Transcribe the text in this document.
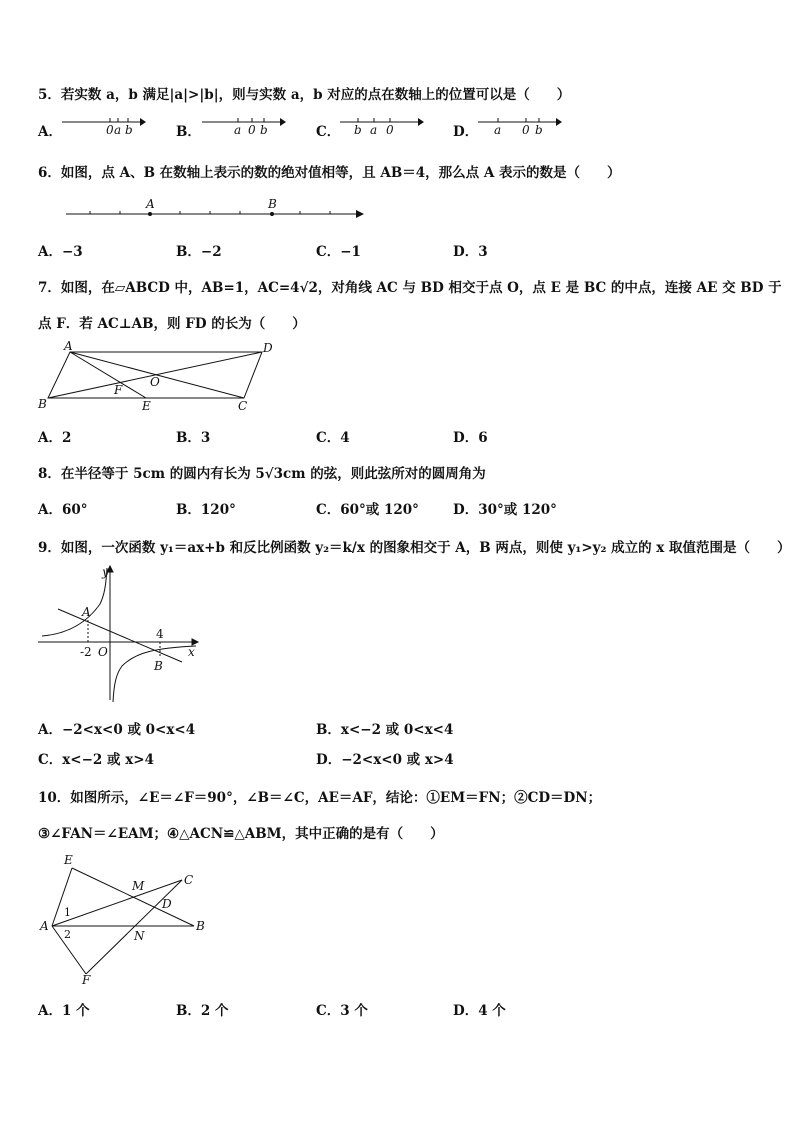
5．若实数 a，b 满足|a|>|b|，则与实数 a，b 对应的点在数轴上的位置可以是（　　）
A．	0 a b	B．	a 0 b	C． b a 0	D． a 0 b
6．如图，点 A、B 在数轴上表示的数的绝对值相等，且 AB＝4，那么点 A 表示的数是（　　）
A	B
A．−3	B．−2	C．−1	D．3
7．如图，在▱ABCD 中，AB=1，AC=4√2，对角线 AC 与 BD 相交于点 O，点 E 是 BC 的中点，连接 AE 交 BD 于
点 F．若 AC⊥AB，则 FD 的长为（　　）
A	D
O
F
B	E	C
A．2	B．3	C．4	D．6
8．在半径等于 5cm 的圆内有长为 5√3cm 的弦，则此弦所对的圆周角为
A．60°	B．120°	C．60°或 120°	D．30°或 120°
9．如图，一次函数 y₁＝ax+b 和反比例函数 y₂＝k/x 的图象相交于 A，B 两点，则使 y₁>y₂ 成立的 x 取值范围是（　　）
y
x
A
B
O
-2
4
A．−2<x<0 或 0<x<4	B．x<−2 或 0<x<4
C．x<−2 或 x>4	D．−2<x<0 或 x>4
10．如图所示，∠E＝∠F＝90°，∠B＝∠C，AE＝AF，结论：①EM＝FN；②CD＝DN；
③∠FAN＝∠EAM；④△ACN≌△ABM，其中正确的是有（　　）
E
M	C
D
A
1
2	N
B
F
A．1 个	B．2 个	C．3 个	D．4 个
